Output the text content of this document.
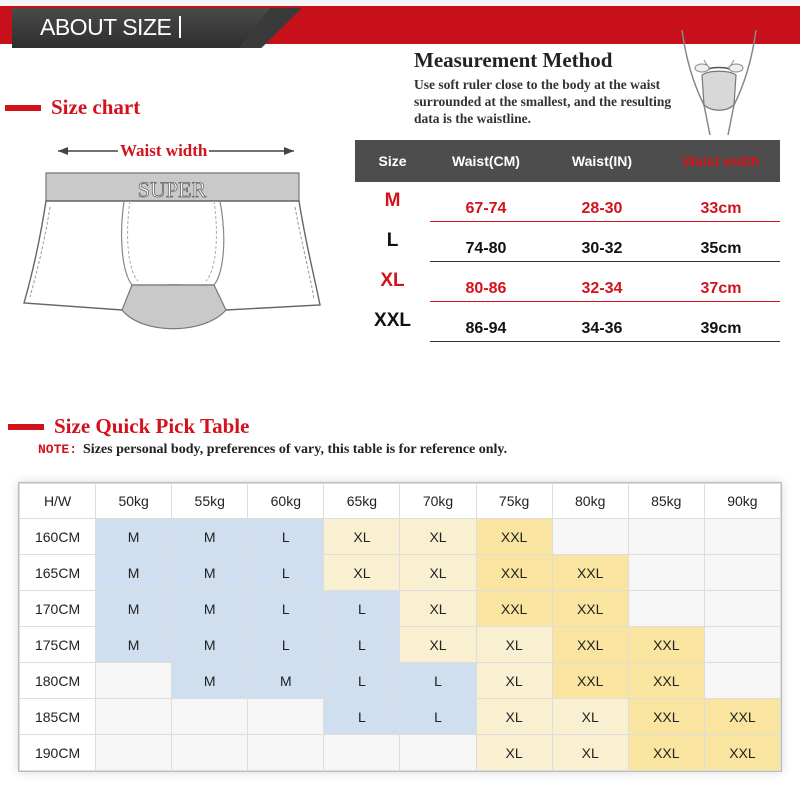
ABOUT SIZE
Size chart
Measurement Method
Use soft ruler close to the body at the waist surrounded at the smallest, and the resulting data is the waistline.
SUPER
Waist width
Size	Waist(CM)	Waist(IN)	Waist width
M	67-74	28-30	33cm
L	74-80	30-32	35cm
XL	80-86	32-34	37cm
XXL	86-94	34-36	39cm
Size Quick Pick Table
NOTE: Sizes personal body, preferences of vary, this table is for reference only.
H/W	50kg	55kg	60kg	65kg	70kg	75kg	80kg	85kg	90kg
160CM	M	M	L	XL	XL	XXL			
165CM	M	M	L	XL	XL	XXL	XXL		
170CM	M	M	L	L	XL	XXL	XXL		
175CM	M	M	L	L	XL	XL	XXL	XXL	
180CM		M	M	L	L	XL	XXL	XXL	
185CM				L	L	XL	XL	XXL	XXL
190CM						XL	XL	XXL	XXL
